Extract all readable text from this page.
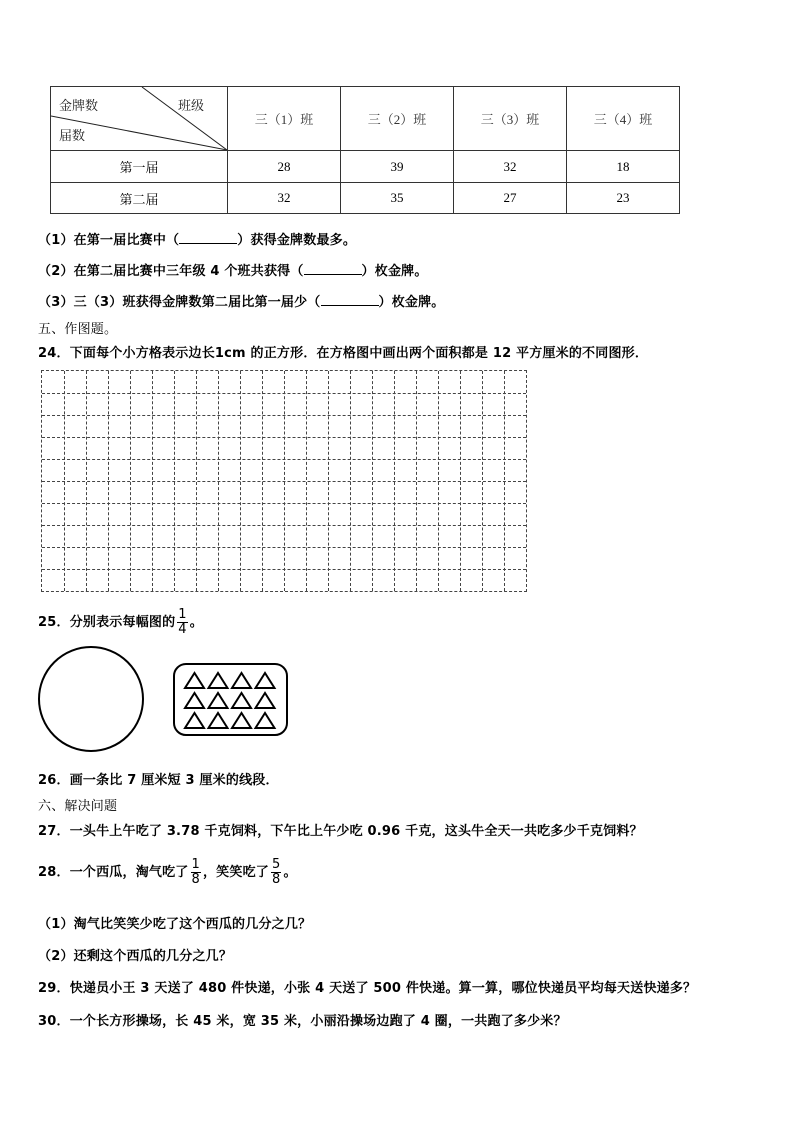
金牌数 班级
届数	三（1）班	三（2）班	三（3）班	三（4）班
第一届	28	39	32	18
第二届	32	35	27	23
（1）在第一届比赛中（	）获得金牌数最多。
（2）在第二届比赛中三年级 4 个班共获得（	）枚金牌。
（3）三（3）班获得金牌数第二届比第一届少（	）枚金牌。
五、作图题。
24．下面每个小方格表示边长1cm 的正方形．在方格图中画出两个面积都是 12 平方厘米的不同图形．
25．分别表示每幅图的 $\frac{1}{4}$ 。
26．画一条比 7 厘米短 3 厘米的线段．
六、解决问题
27．一头牛上午吃了 3.78 千克饲料，下午比上午少吃 0.96 千克，这头牛全天一共吃多少千克饲料？
28．一个西瓜，淘气吃了 $\frac{1}{8}$ ，笑笑吃了 $\frac{5}{8}$ 。
（1）淘气比笑笑少吃了这个西瓜的几分之几？
（2）还剩这个西瓜的几分之几？
29．快递员小王 3 天送了 480 件快递，小张 4 天送了 500 件快递。算一算，哪位快递员平均每天送快递多？
30．一个长方形操场，长 45 米，宽 35 米，小丽沿操场边跑了 4 圈，一共跑了多少米？
